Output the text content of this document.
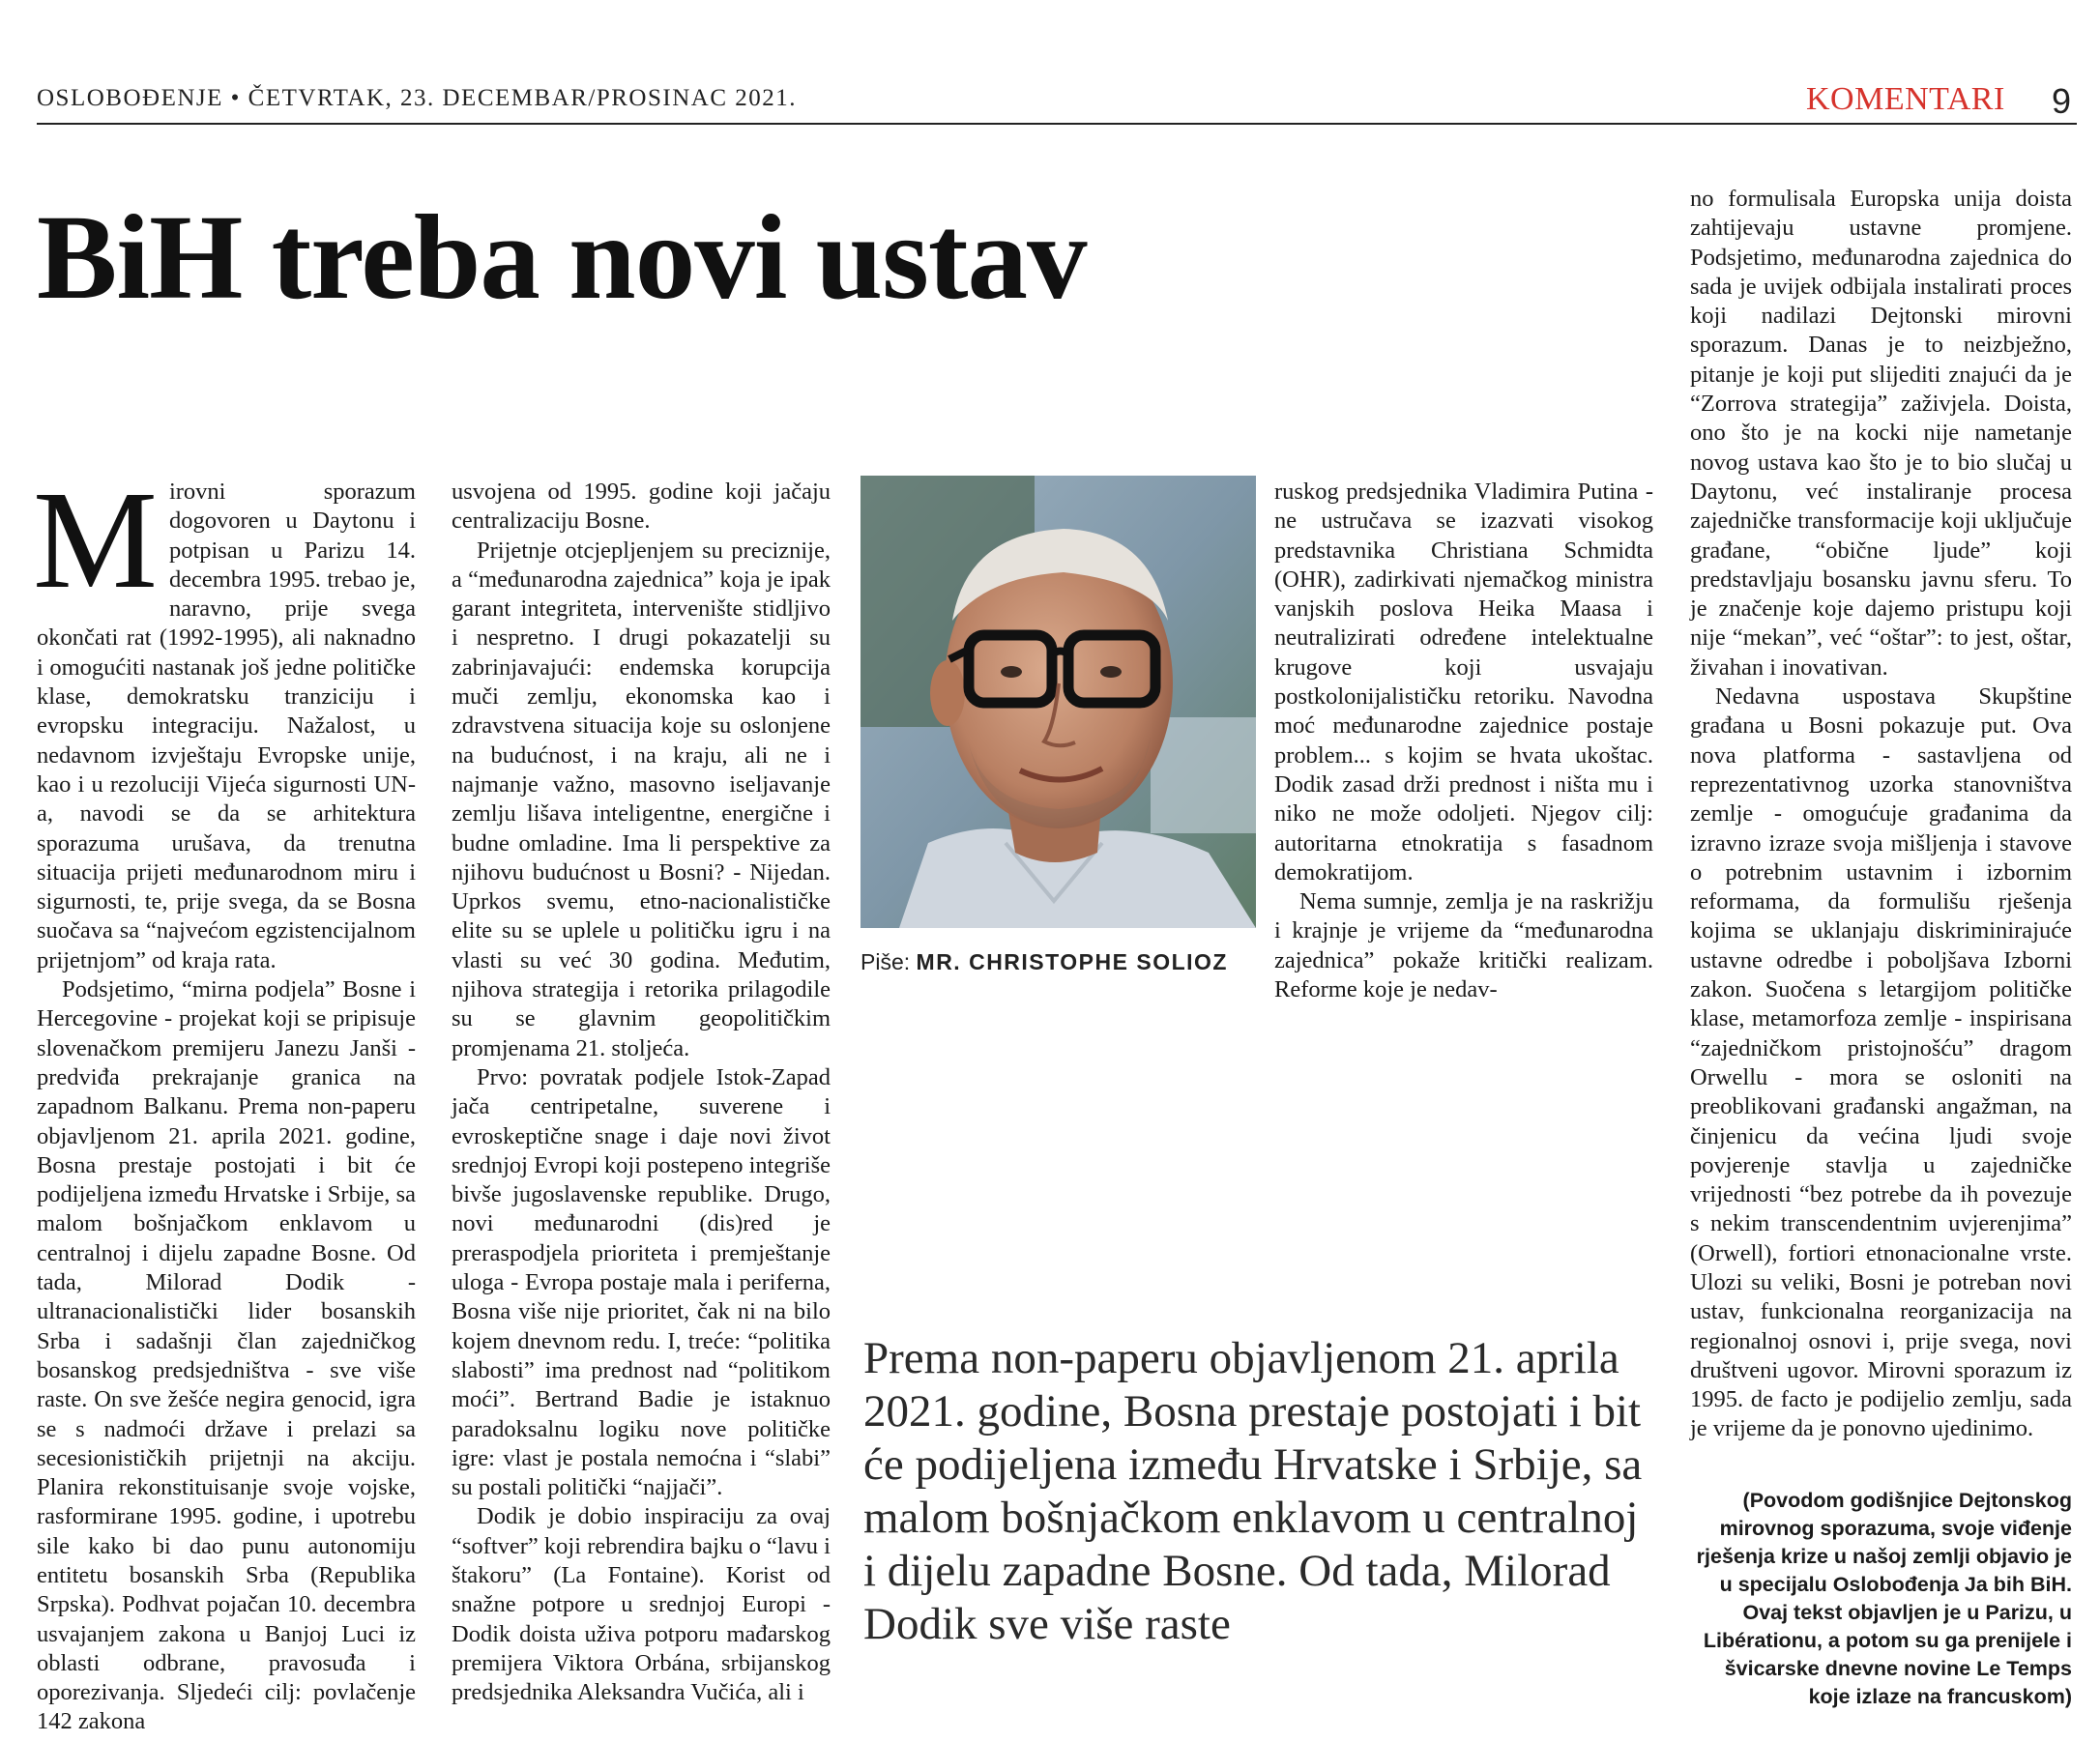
OSLOBOĐENJE • ČETVRTAK, 23. DECEMBAR/PROSINAC 2021.	KOMENTARI 9
BiH treba novi ustav
M irovni sporazum dogovoren u Daytonu i potpisan u Parizu 14. decembra 1995. trebao je, naravno, prije svega okončati rat (1992-1995), ali naknadno i omogućiti nastanak još jedne političke klase, demokratsku tranziciju i evropsku integraciju. Nažalost, u nedavnom izvještaju Evropske unije, kao i u rezoluciji Vijeća sigurnosti UN-a, navodi se da se arhitektura sporazuma urušava, da trenutna situacija prijeti međunarodnom miru i sigurnosti, te, prije svega, da se Bosna suočava sa “najvećom egzistencijalnom prijetnjom” od kraja rata.

Podsjetimo, “mirna podjela” Bosne i Hercegovine - projekat koji se pripisuje slovenačkom premijeru Janezu Janši - predviđa prekrajanje granica na zapadnom Balkanu. Prema non-paperu objavljenom 21. aprila 2021. godine, Bosna prestaje postojati i bit će podijeljena između Hrvatske i Srbije, sa malom bošnjačkom enklavom u centralnoj i dijelu zapadne Bosne. Od tada, Milorad Dodik - ultranacionalistički lider bosanskih Srba i sadašnji član zajedničkog bosanskog predsjedništva - sve više raste. On sve žešće negira genocid, igra se s nadmoći države i prelazi sa secesionističkih prijetnji na akciju. Planira rekonstituisanje svoje vojske, rasformirane 1995. godine, i upotrebu sile kako bi dao punu autonomiju entitetu bosanskih Srba (Republika Srpska). Podhvat pojačan 10. decembra usvajanjem zakona u Banjoj Luci iz oblasti odbrane, pravosuđa i oporezivanja. Sljedeći cilj: povlačenje 142 zakona

usvojena od 1995. godine koji jačaju centralizaciju Bosne.

Prijetnje otcjepljenjem su preciznije, a “međunarodna zajednica” koja je ipak garant integriteta, intervenište stidljivo i nespretno. I drugi pokazatelji su zabrinjavajući: endemska korupcija muči zemlju, ekonomska kao i zdravstvena situacija koje su oslonjene na budućnost, i na kraju, ali ne i najmanje važno, masovno iseljavanje zemlju lišava inteligentne, energične i budne omladine. Ima li perspektive za njihovu budućnost u Bosni? - Nijedan. Uprkos svemu, etno-nacionalističke elite su se uplele u političku igru i na vlasti su već 30 godina. Međutim, njihova strategija i retorika prilagodile su se glavnim geopolitičkim promjenama 21. stoljeća.

Prvo: povratak podjele Istok-Zapad jača centripetalne, suverene i evroskeptične snage i daje novi život srednjoj Evropi koji postepeno integriše bivše jugoslavenske republike. Drugo, novi međunarodni (dis)red je preraspodjela prioriteta i premještanje uloga - Evropa postaje mala i periferna, Bosna više nije prioritet, čak ni na bilo kojem dnevnom redu. I, treće: “politika slabosti” ima prednost nad “politikom moći”. Bertrand Badie je istaknuo paradoksalnu logiku nove političke igre: vlast je postala nemoćna i “slabi” su postali politički “najjači”.

Dodik je dobio inspiraciju za ovaj “softver” koji rebrendira bajku o “lavu i štakoru” (La Fontaine). Korist od snažne potpore u srednjoj Europi - Dodik doista uživa potporu mađarskog premijera Viktora Orbána, srbijanskog predsjednika Aleksandra Vučića, ali i

Piše: MR. CHRISTOPHE SOLIOZ

ruskog predsjednika Vladimira Putina - ne ustručava se izazvati visokog predstavnika Christiana Schmidta (OHR), zadirkivati njemačkog ministra vanjskih poslova Heika Maasa i neutralizirati određene intelektualne krugove koji usvajaju postkolonijalističku retoriku. Navodna moć međunarodne zajednice postaje problem... s kojim se hvata ukoštac. Dodik zasad drži prednost i ništa mu i niko ne može odoljeti. Njegov cilj: autoritarna etnokratija s fasadnom demokratijom.

Nema sumnje, zemlja je na raskrižju i krajnje je vrijeme da “međunarodna zajednica” pokaže kritički realizam. Reforme koje je nedav-

no formulisala Europska unija doista zahtijevaju ustavne promjene. Podsjetimo, međunarodna zajednica do sada je uvijek odbijala instalirati proces koji nadilazi Dejtonski mirovni sporazum. Danas je to neizbježno, pitanje je koji put slijediti znajući da je “Zorrova strategija” zaživjela. Doista, ono što je na kocki nije nametanje novog ustava kao što je to bio slučaj u Daytonu, već instaliranje procesa zajedničke transformacije koji uključuje građane, “obične ljude” koji predstavljaju bosansku javnu sferu. To je značenje koje dajemo pristupu koji nije “mekan”, već “oštar”: to jest, oštar, živahan i inovativan.

Nedavna uspostava Skupštine građana u Bosni pokazuje put. Ova nova platforma - sastavljena od reprezentativnog uzorka stanovništva zemlje - omogućuje građanima da izravno izraze svoja mišljenja i stavove o potrebnim ustavnim i izbornim reformama, da formulišu rješenja kojima se uklanjaju diskriminirajuće ustavne odredbe i poboljšava Izborni zakon. Suočena s letargijom političke klase, metamorfoza zemlje - inspirisana “zajedničkom pristojnošću” dragom Orwellu - mora se osloniti na preoblikovani građanski angažman, na činjenicu da većina ljudi svoje povjerenje stavlja u zajedničke vrijednosti “bez potrebe da ih povezuje s nekim transcendentnim uvjerenjima” (Orwell), fortiori etnonacionalne vrste. Ulozi su veliki, Bosni je potreban novi ustav, funkcionalna reorganizacija na regionalnoj osnovi i, prije svega, novi društveni ugovor. Mirovni sporazum iz 1995. de facto je podijelio zemlju, sada je vrijeme da je ponovno ujedinimo.

Prema non-paperu objavljenom 21. aprila 2021. godine, Bosna prestaje postojati i bit će podijeljena između Hrvatske i Srbije, sa malom bošnjačkom enklavom u centralnoj i dijelu zapadne Bosne. Od tada, Milorad Dodik sve više raste
(Povodom godišnjice Dejtonskog mirovnog sporazuma, svoje viđenje rješenja krize u našoj zemlji objavio je u specijalu Oslobođenja Ja bih BiH. Ovaj tekst objavljen je u Parizu, u Libérationu, a potom su ga prenijele i švicarske dnevne novine Le Temps koje izlaze na francuskom)
